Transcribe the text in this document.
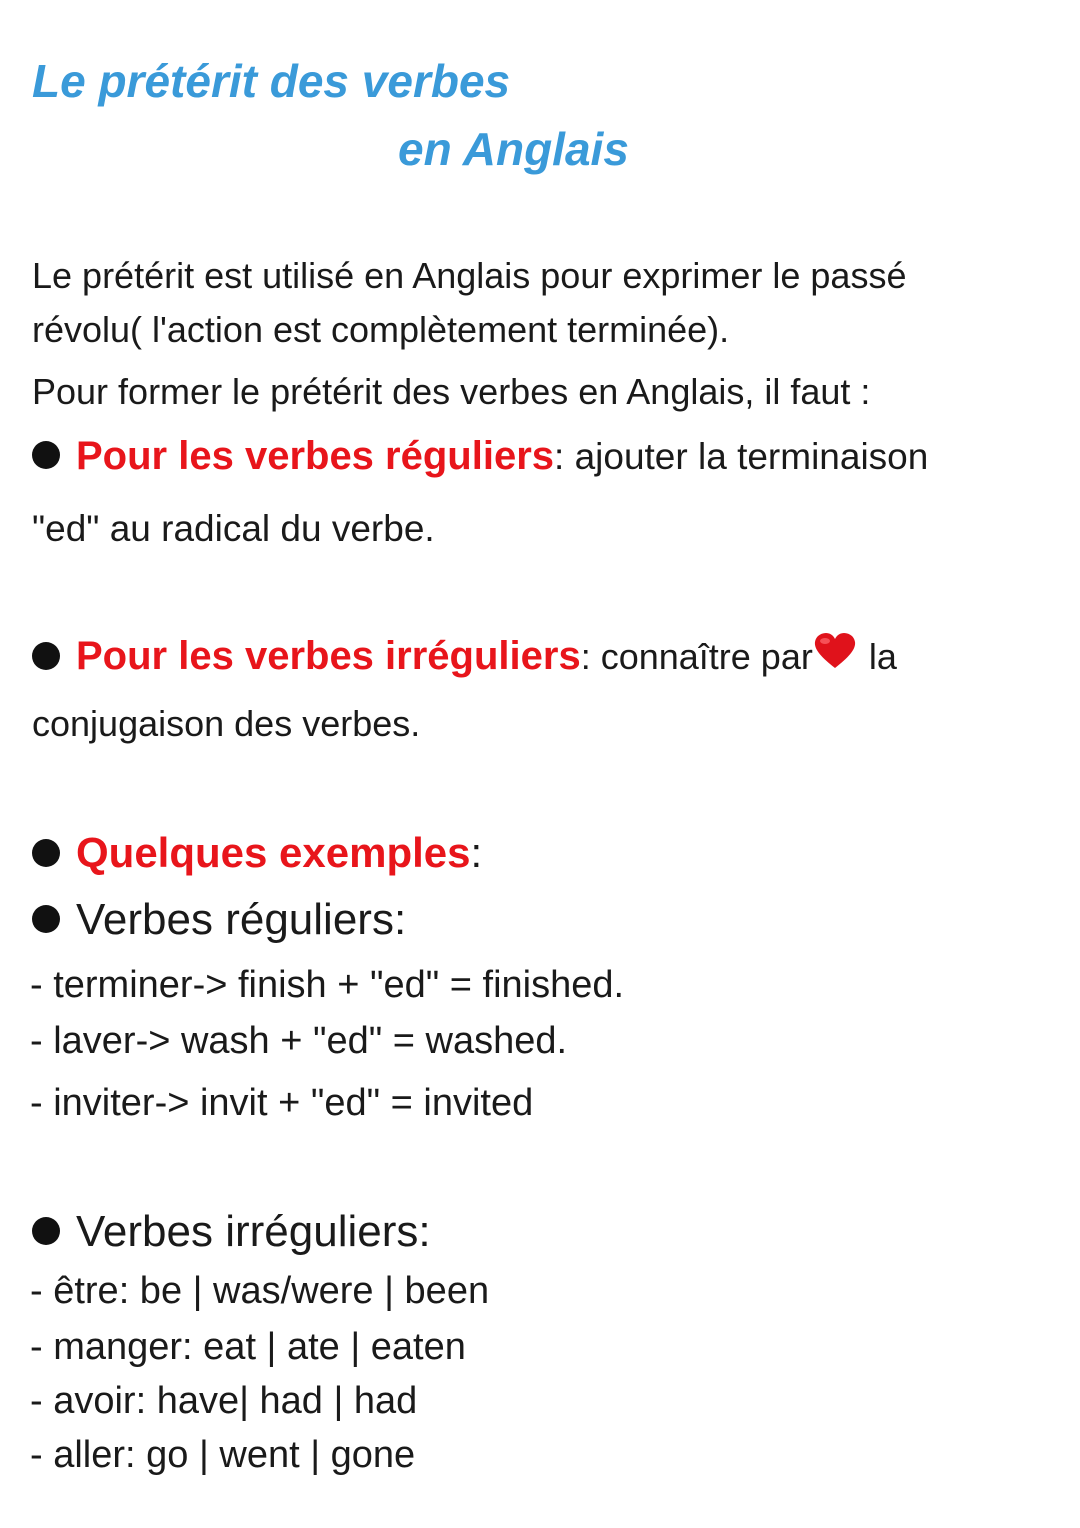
Le prétérit des verbes
en Anglais
Le prétérit est utilisé en Anglais pour exprimer le passé
révolu( l'action est complètement terminée).
Pour former le prétérit des verbes en Anglais, il faut :
Pour les verbes réguliers: ajouter la terminaison
"ed" au radical du verbe.
Pour les verbes irréguliers: connaître par la
conjugaison des verbes.
Quelques exemples:
Verbes réguliers:
- terminer-> finish + "ed" = finished.
- laver-> wash + "ed" = washed.
- inviter-> invit + "ed" = invited
Verbes irréguliers:
- être: be | was/were | been
- manger: eat | ate | eaten
- avoir: have| had | had
- aller: go | went | gone
